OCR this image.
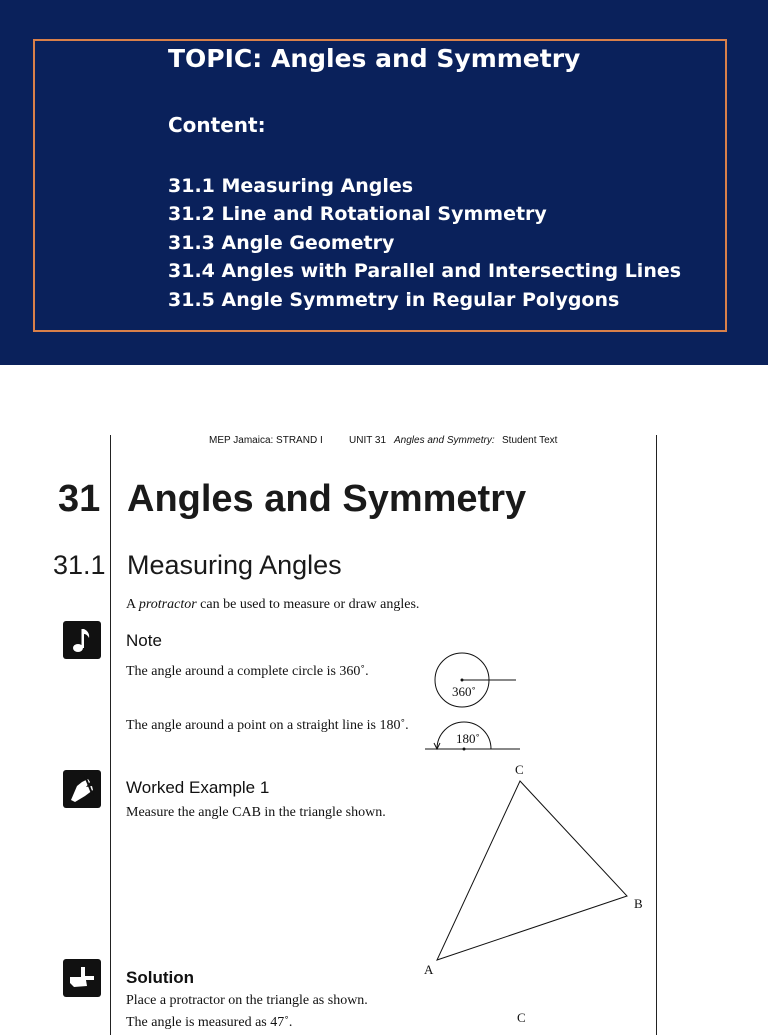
TOPIC: Angles and Symmetry
Content:
31.1 Measuring Angles
31.2 Line and Rotational Symmetry
31.3 Angle Geometry
31.4 Angles with Parallel and Intersecting Lines
31.5 Angle Symmetry in Regular Polygons
MEP Jamaica: STRAND I	UNIT 31 Angles and Symmetry: Student Text
31 Angles and Symmetry
31.1 Measuring Angles
A protractor can be used to measure or draw angles.
Note
The angle around a complete circle is 360˚.
The angle around a point on a straight line is 180˚.
360˚
180˚
Worked Example 1
Measure the angle CAB in the triangle shown.
C
B
A
Solution
Place a protractor on the triangle as shown.
The angle is measured as 47˚.	C
